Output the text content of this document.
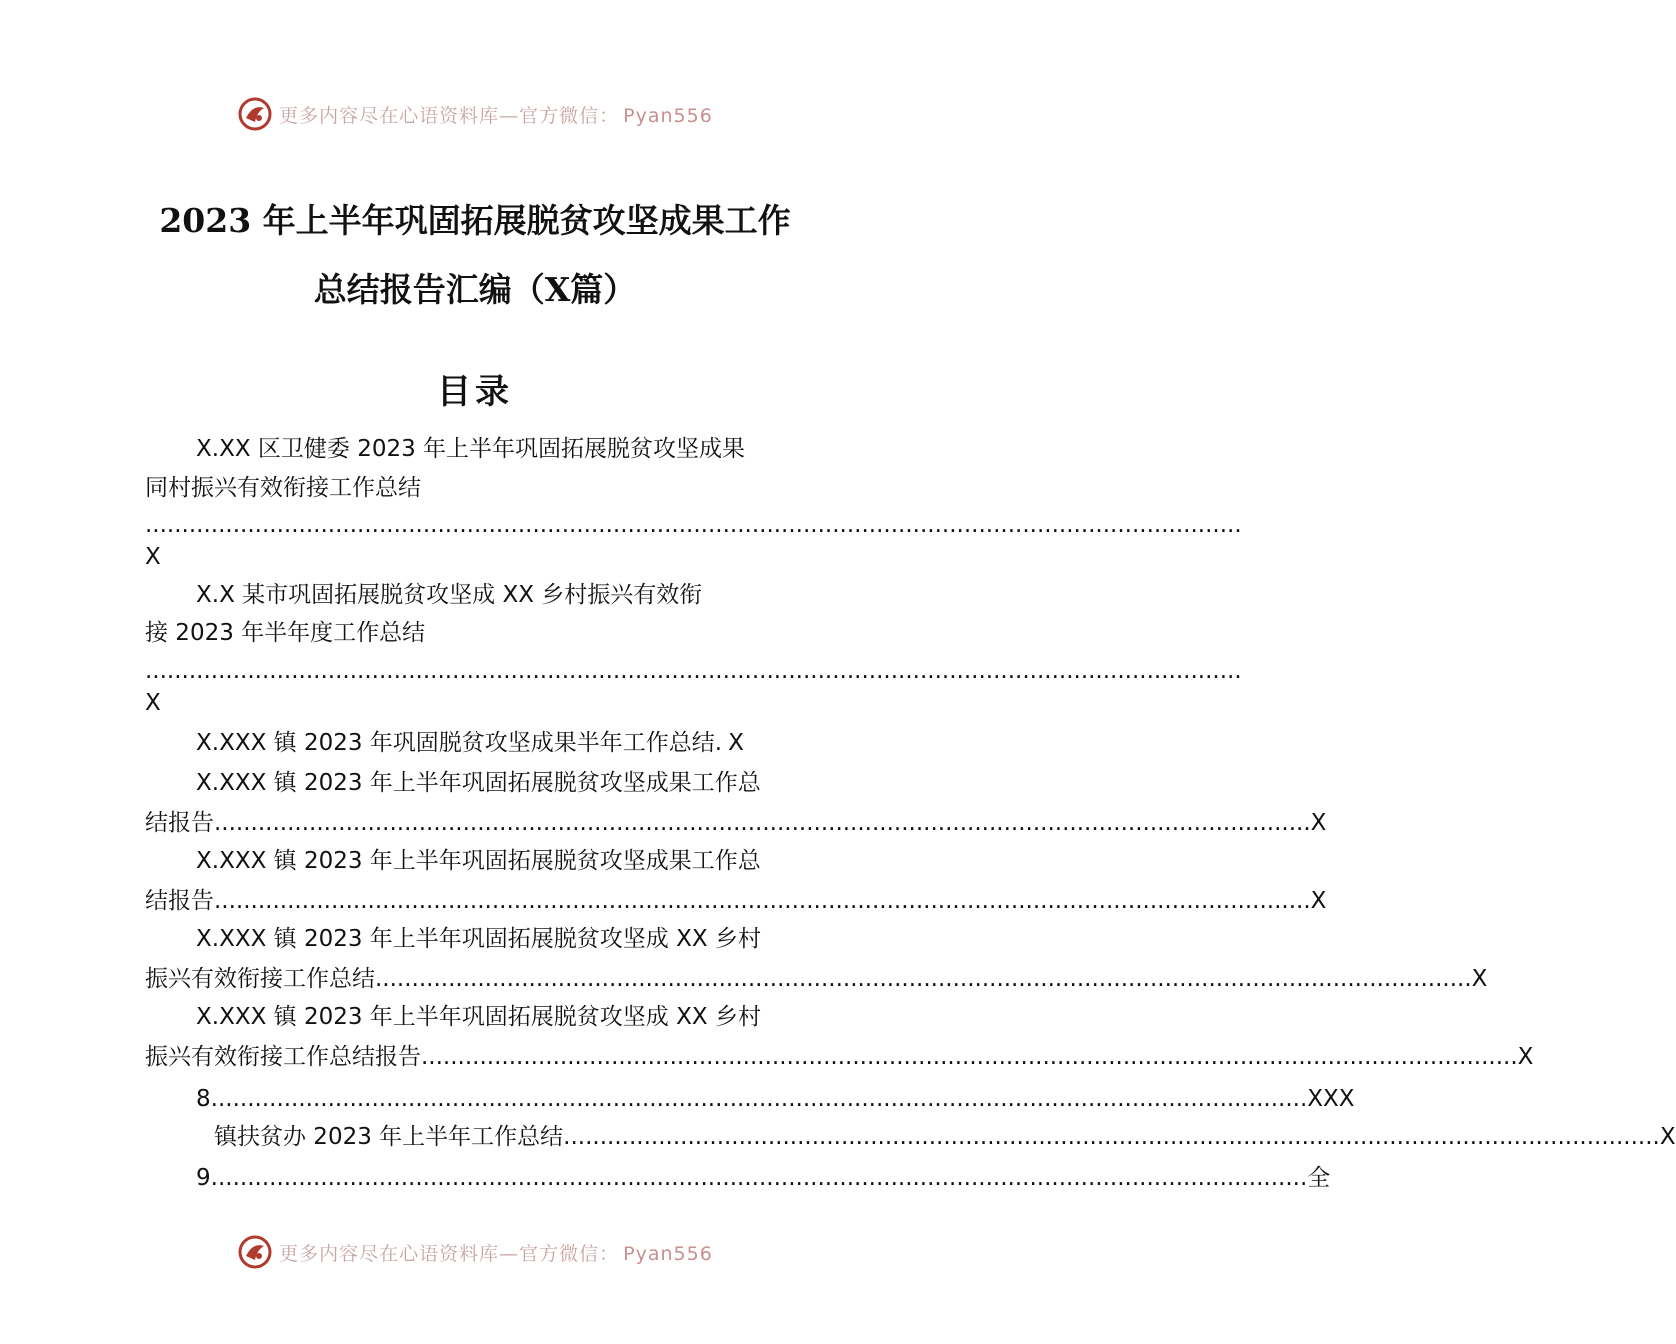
更多内容尽在心语资料库—官方微信： Pyan556
2023 年上半年巩固拓展脱贫攻坚成果工作
总结报告汇编（X篇）
目录
X.XX 区卫健委 2023 年上半年巩固拓展脱贫攻坚成果
同村振兴有效衔接工作总结
......................................................................................................................................................
X
X.X 某市巩固拓展脱贫攻坚成 XX 乡村振兴有效衔
接 2023 年半年度工作总结
......................................................................................................................................................
X
X.XXX 镇 2023 年巩固脱贫攻坚成果半年工作总结. X
X.XXX 镇 2023 年上半年巩固拓展脱贫攻坚成果工作总
结报告 ...................................................................................................................................................... X
X.XXX 镇 2023 年上半年巩固拓展脱贫攻坚成果工作总
结报告 ...................................................................................................................................................... X
X.XXX 镇 2023 年上半年巩固拓展脱贫攻坚成 XX 乡村
振兴有效衔接工作总结 ...................................................................................................................................................... X
X.XXX 镇 2023 年上半年巩固拓展脱贫攻坚成 XX 乡村
振兴有效衔接工作总结报告 ...................................................................................................................................................... X
8 ...................................................................................................................................................... XXX
镇扶贫办 2023 年上半年工作总结 ...................................................................................................................................................... X
9 ...................................................................................................................................................... 全
更多内容尽在心语资料库—官方微信： Pyan556
